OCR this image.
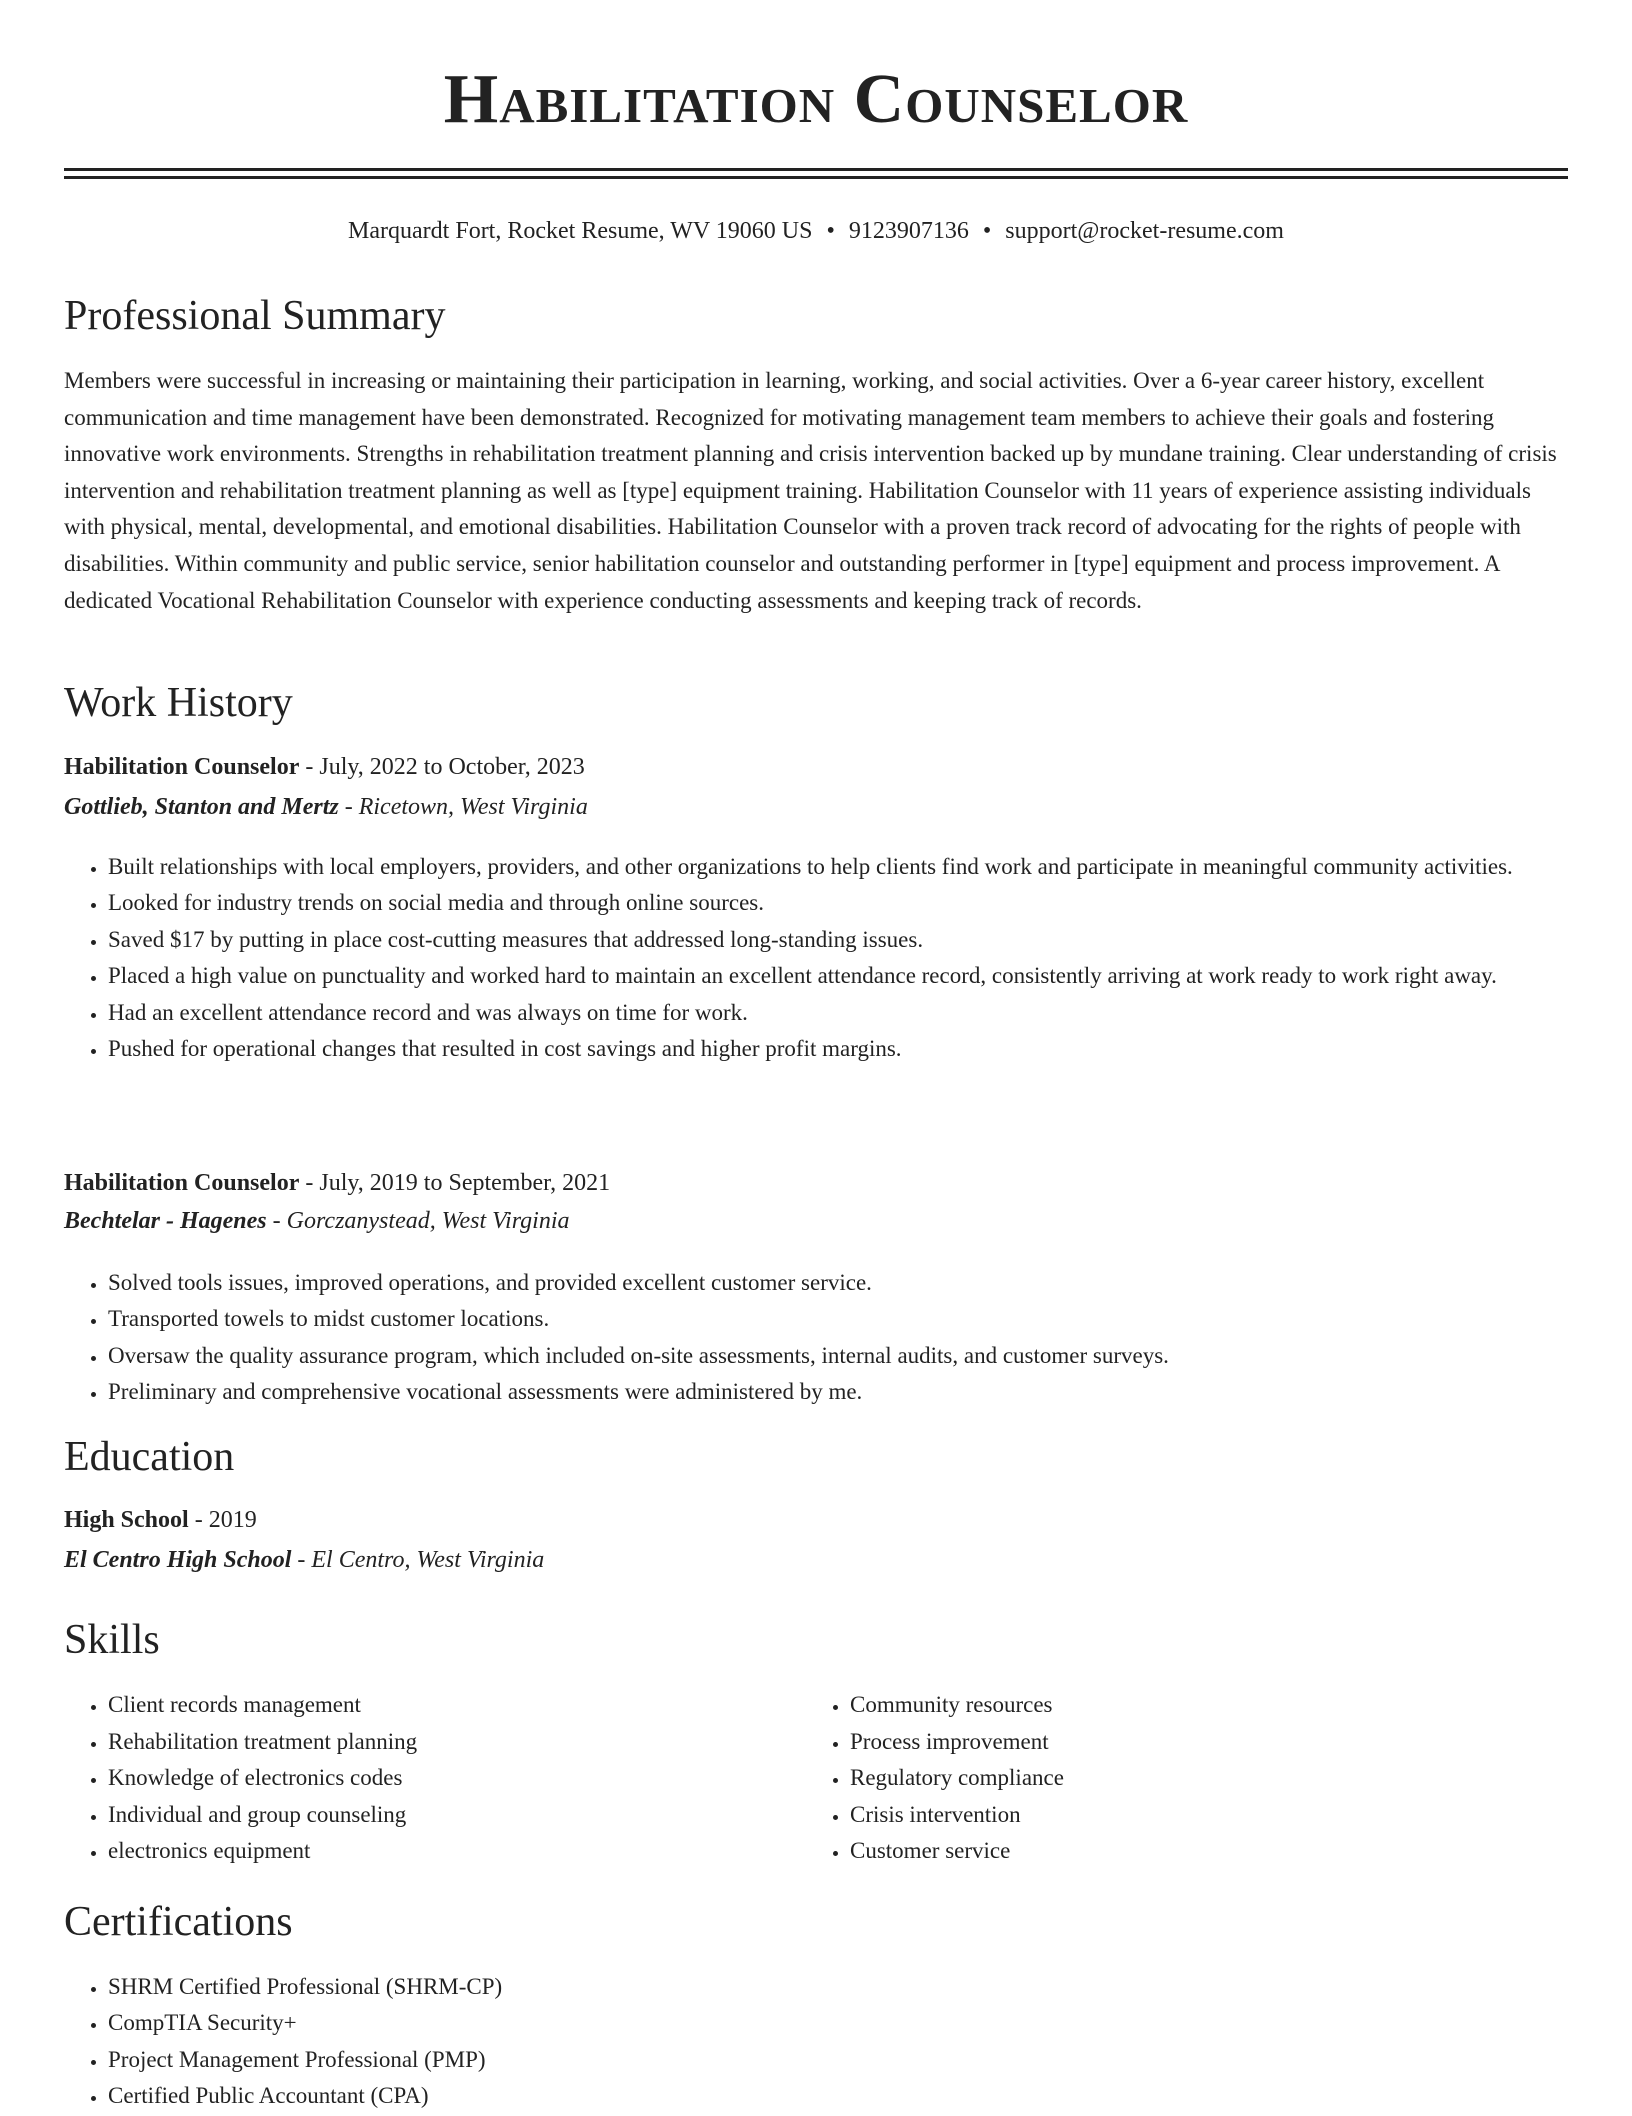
Habilitation Counselor
Marquardt Fort, Rocket Resume, WV 19060 US • 9123907136 • support@rocket-resume.com
Professional Summary

Members were successful in increasing or maintaining their participation in learning, working, and social activities. Over a 6-year career history, excellent communication and time management have been demonstrated. Recognized for motivating management team members to achieve their goals and fostering innovative work environments. Strengths in rehabilitation treatment planning and crisis intervention backed up by mundane training. Clear understanding of crisis intervention and rehabilitation treatment planning as well as [type] equipment training. Habilitation Counselor with 11 years of experience assisting individuals with physical, mental, developmental, and emotional disabilities. Habilitation Counselor with a proven track record of advocating for the rights of people with disabilities. Within community and public service, senior habilitation counselor and outstanding performer in [type] equipment and process improvement. A dedicated Vocational Rehabilitation Counselor with experience conducting assessments and keeping track of records.

Work History
Habilitation Counselor - July, 2022 to October, 2023
Gottlieb, Stanton and Mertz - Ricetown, West Virginia
• Built relationships with local employers, providers, and other organizations to help clients find work and participate in meaningful community activities.
• Looked for industry trends on social media and through online sources.
• Saved $17 by putting in place cost-cutting measures that addressed long-standing issues.
• Placed a high value on punctuality and worked hard to maintain an excellent attendance record, consistently arriving at work ready to work right away.
• Had an excellent attendance record and was always on time for work.
• Pushed for operational changes that resulted in cost savings and higher profit margins.
Habilitation Counselor - July, 2019 to September, 2021
Bechtelar - Hagenes - Gorczanystead, West Virginia
• Solved tools issues, improved operations, and provided excellent customer service.
• Transported towels to midst customer locations.
• Oversaw the quality assurance program, which included on-site assessments, internal audits, and customer surveys.
• Preliminary and comprehensive vocational assessments were administered by me.
Education
High School - 2019
El Centro High School - El Centro, West Virginia
Skills
• Client records management
• Rehabilitation treatment planning
• Knowledge of electronics codes
• Individual and group counseling
• electronics equipment
• Community resources
• Process improvement
• Regulatory compliance
• Crisis intervention
• Customer service
Certifications
• SHRM Certified Professional (SHRM-CP)
• CompTIA Security+
• Project Management Professional (PMP)
• Certified Public Accountant (CPA)
